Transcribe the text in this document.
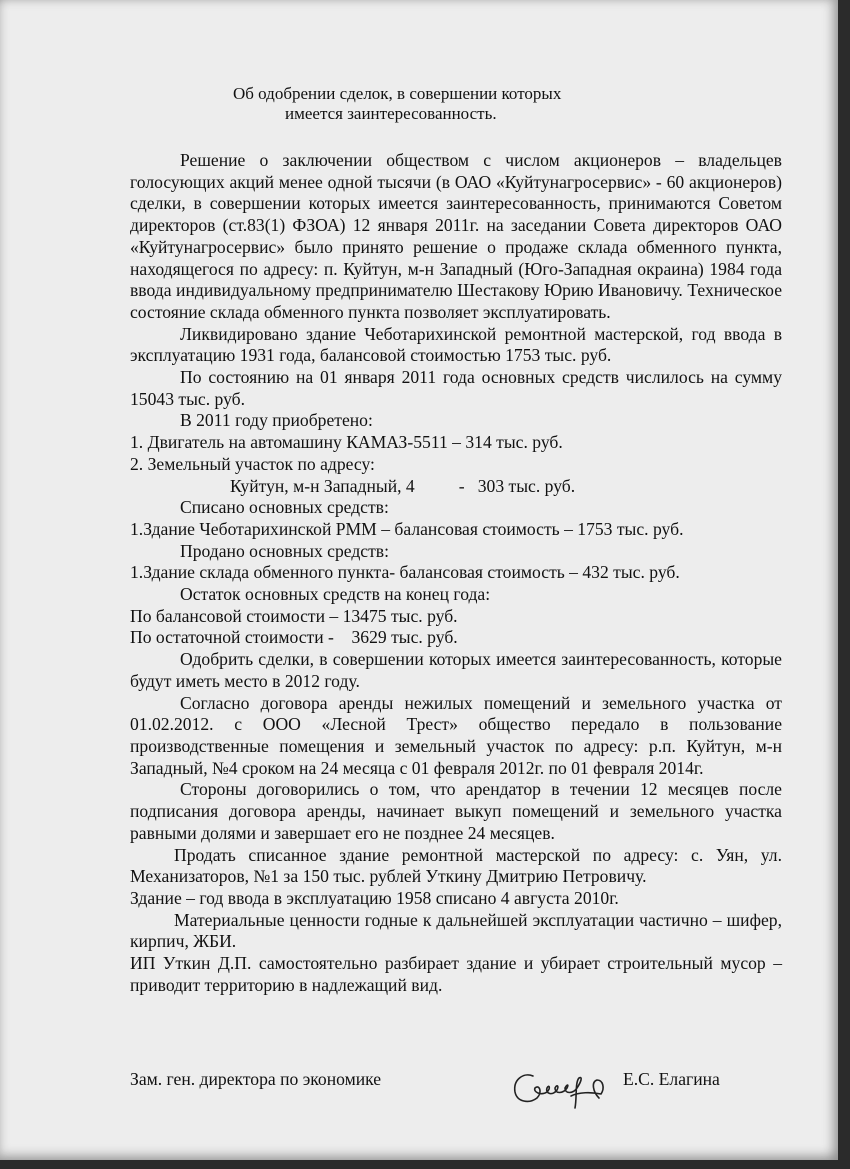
Об одобрении сделок, в совершении которых
имеется заинтересованность.

Решение о заключении обществом с числом акционеров – владельцев голосующих акций менее одной тысячи (в ОАО «Куйтунагросервис» - 60 акционеров) сделки, в совершении которых имеется заинтересованность, принимаются Советом директоров (ст.83(1) ФЗОА) 12 января 2011г. на заседании Совета директоров ОАО «Куйтунагросервис» было принято решение о продаже склада обменного пункта, находящегося по адресу: п. Куйтун, м-н Западный (Юго-Западная окраина) 1984 года ввода индивидуальному предпринимателю Шестакову Юрию Ивановичу. Техническое состояние склада обменного пункта позволяет эксплуатировать.

Ликвидировано здание Чеботарихинской ремонтной мастерской, год ввода в эксплуатацию 1931 года, балансовой стоимостью 1753 тыс. руб.

По состоянию на 01 января 2011 года основных средств числилось на сумму 15043 тыс. руб.

В 2011 году приобретено:

1. Двигатель на автомашину КАМАЗ-5511 – 314 тыс. руб.

2. Земельный участок по адресу:

Куйтун, м-н Западный, 4          -   303 тыс. руб.

Списано основных средств:

1.Здание Чеботарихинской РММ – балансовая стоимость – 1753 тыс. руб.

Продано основных средств:

1.Здание склада обменного пункта- балансовая стоимость – 432 тыс. руб.

Остаток основных средств на конец года:

По балансовой стоимости – 13475 тыс. руб.

По остаточной стоимости -    3629 тыс. руб.

Одобрить сделки, в совершении которых имеется заинтересованность, которые будут иметь место в 2012 году.

Согласно договора аренды нежилых помещений и земельного участка от 01.02.2012. с ООО «Лесной Трест» общество передало в пользование производственные помещения и земельный участок по адресу: р.п. Куйтун, м-н Западный, №4 сроком на 24 месяца с 01 февраля 2012г. по 01 февраля 2014г.

Стороны договорились о том, что арендатор в течении 12 месяцев после подписания договора аренды, начинает выкуп помещений и земельного участка равными долями и завершает его не позднее 24 месяцев.

Продать списанное здание ремонтной мастерской по адресу: с. Уян, ул. Механизаторов, №1 за 150 тыс. рублей Уткину Дмитрию Петровичу.

Здание – год ввода в эксплуатацию 1958 списано 4 августа 2010г.

Материальные ценности годные к дальнейшей эксплуатации частично – шифер, кирпич, ЖБИ.

ИП Уткин Д.П. самостоятельно разбирает здание и убирает строительный мусор – приводит территорию в надлежащий вид.

Зам. ген. директора по экономике	Е.С. Елагина
